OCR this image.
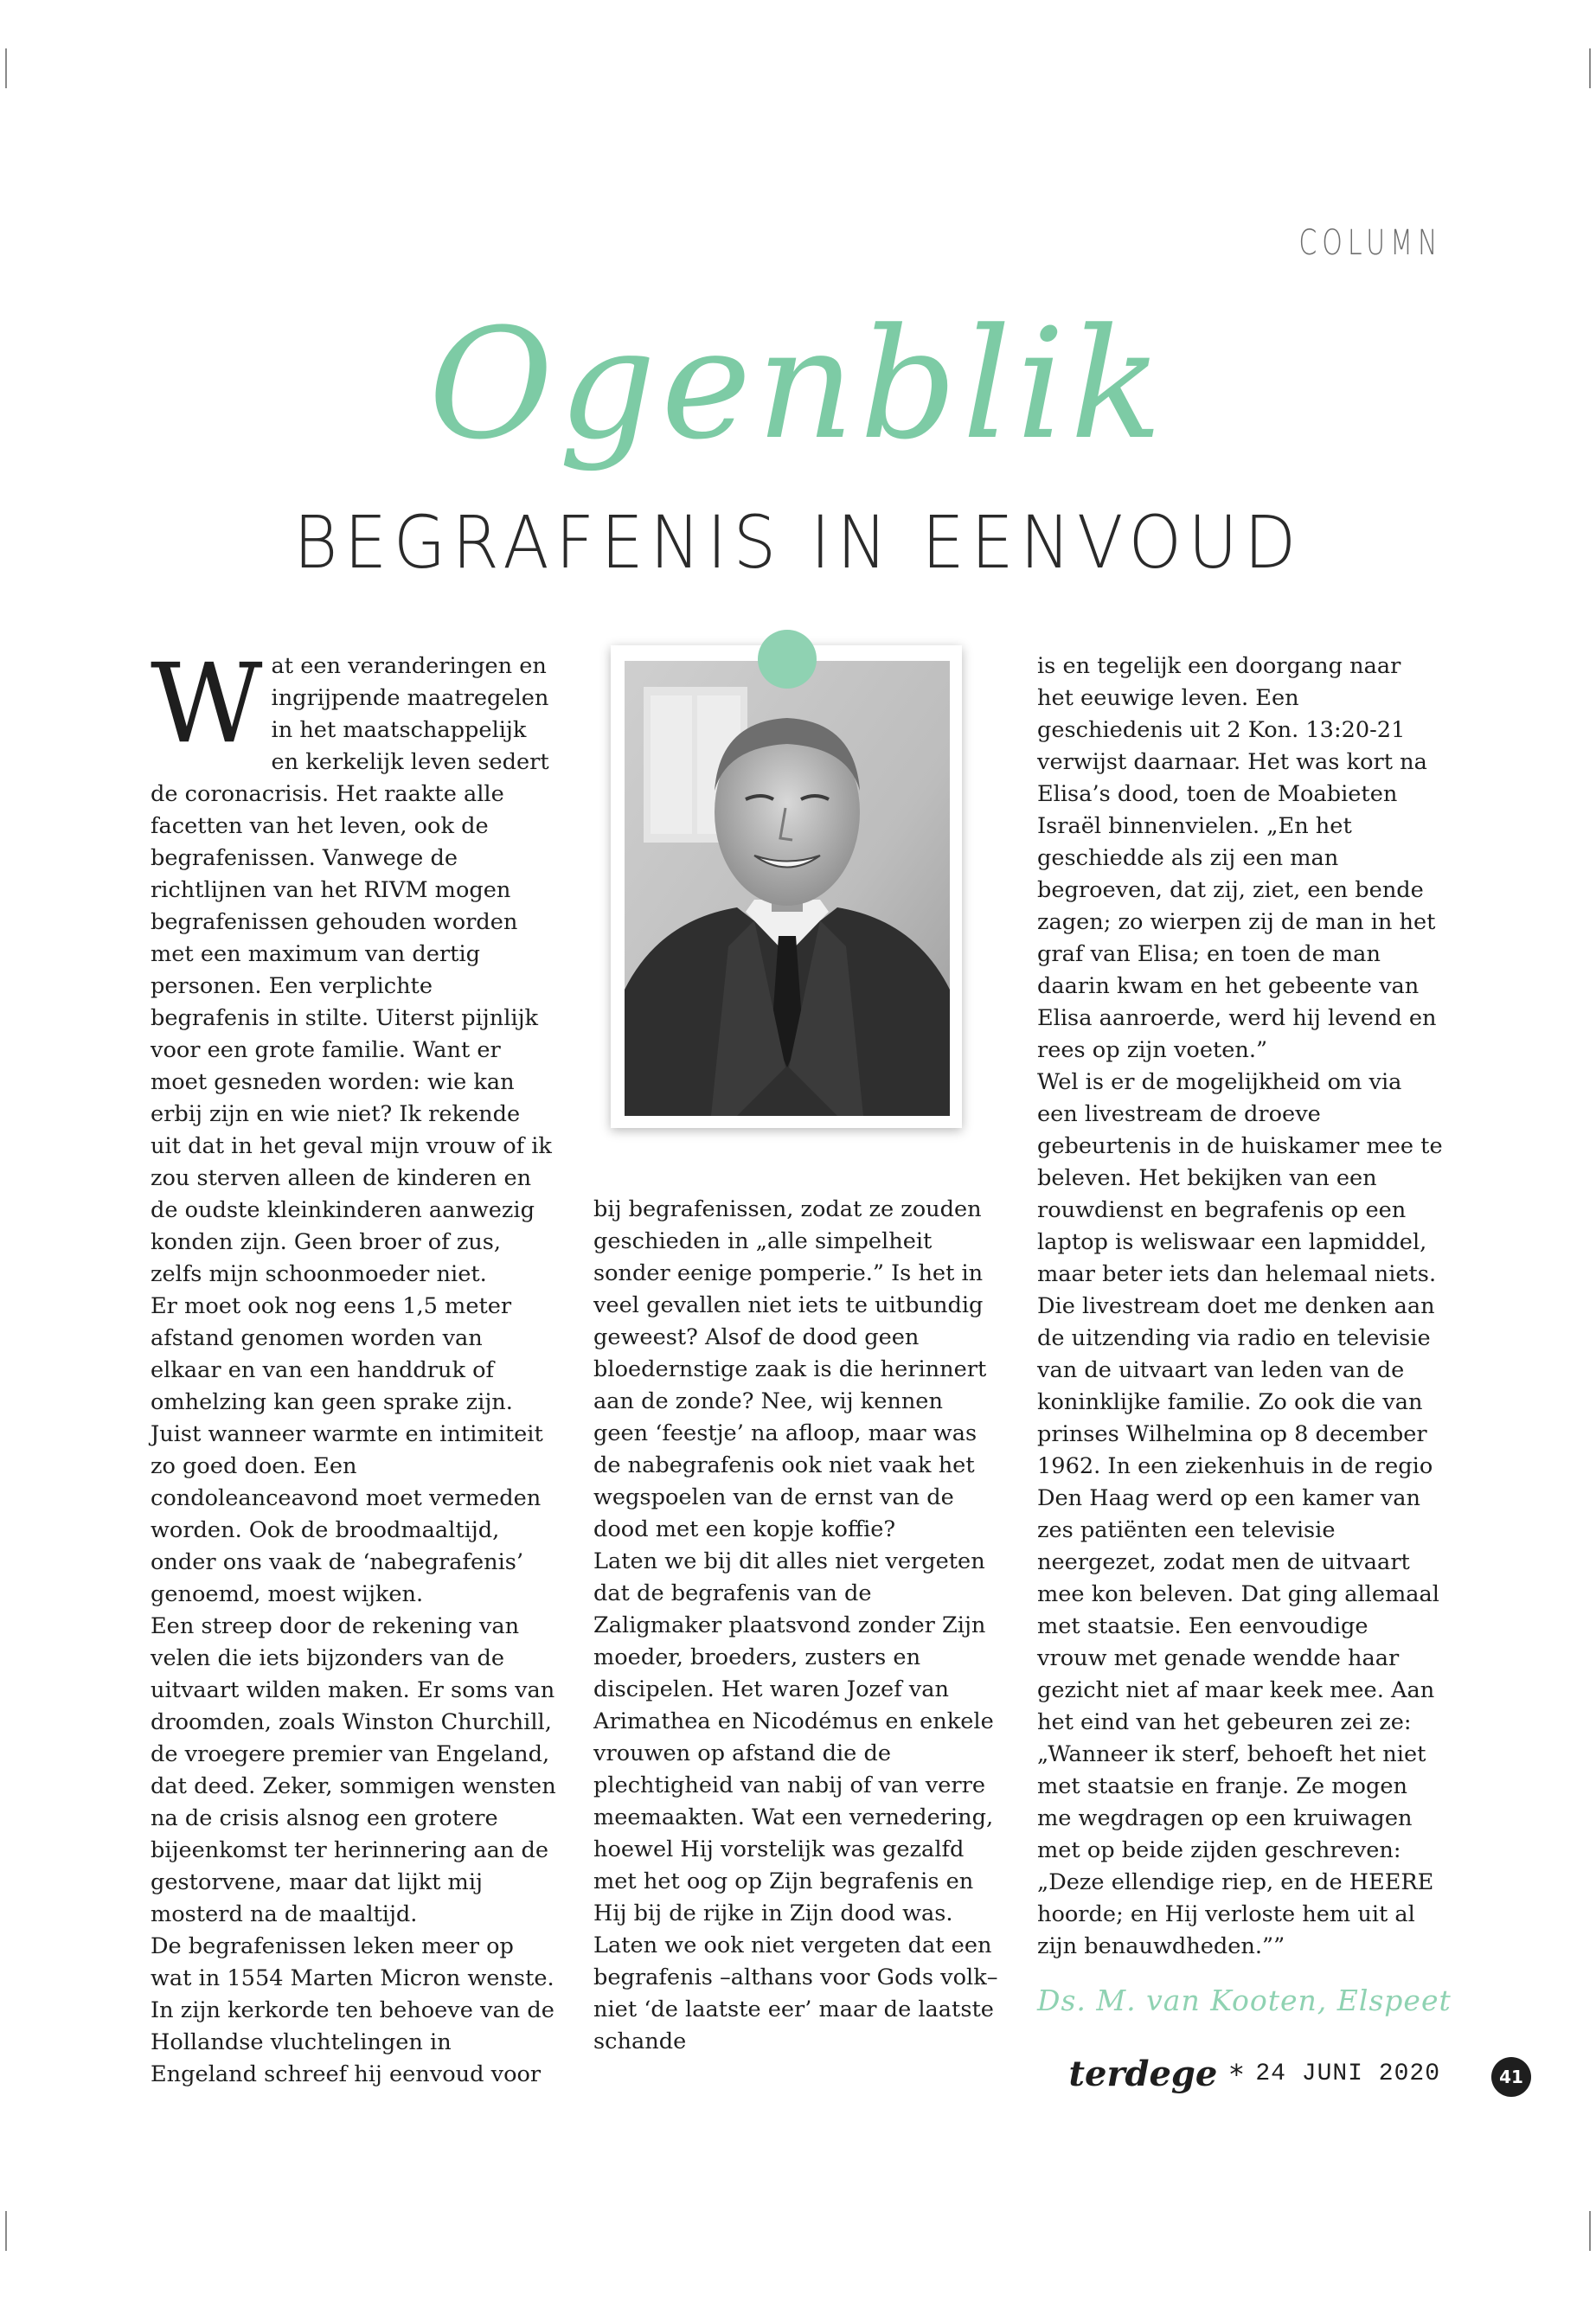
COLUMN
Ogenblik
BEGRAFENIS IN EENVOUD

Wat een veranderingen en ingrijpende maatregelen in het maatschappelijk en kerkelijk leven sedert de coronacrisis. Het raakte alle facetten van het leven, ook de begrafenissen. Vanwege de richtlijnen van het RIVM mogen begrafenissen gehouden worden met een maximum van dertig personen. Een verplichte begrafenis in stilte. Uiterst pijnlijk voor een grote familie. Want er moet gesneden worden: wie kan erbij zijn en wie niet? Ik rekende uit dat in het geval mijn vrouw of ik zou sterven alleen de kinderen en de oudste kleinkinderen aanwezig konden zijn. Geen broer of zus, zelfs mijn schoonmoeder niet.

Er moet ook nog eens 1,5 meter afstand genomen worden van elkaar en van een handdruk of omhelzing kan geen sprake zijn. Juist wanneer warmte en intimiteit zo goed doen. Een condoleanceavond moet vermeden worden. Ook de broodmaaltijd, onder ons vaak de ‘nabegrafenis’ genoemd, moest wijken.

Een streep door de rekening van velen die iets bijzonders van de uitvaart wilden maken. Er soms van droomden, zoals Winston Churchill, de vroegere premier van Engeland, dat deed. Zeker, sommigen wensten na de crisis alsnog een grotere bijeenkomst ter herinnering aan de gestorvene, maar dat lijkt mij mosterd na de maaltijd.

De begrafenissen leken meer op wat in 1554 Marten Micron wenste. In zijn kerkorde ten behoeve van de Hollandse vluchtelingen in Engeland schreef hij eenvoud voor

bij begrafenissen, zodat ze zouden geschieden in „alle simpelheit sonder eenige pomperie.” Is het in veel gevallen niet iets te uitbundig geweest? Alsof de dood geen bloedernstige zaak is die herinnert aan de zonde? Nee, wij kennen geen ‘feestje’ na afloop, maar was de nabegrafenis ook niet vaak het wegspoelen van de ernst van de dood met een kopje koffie?

Laten we bij dit alles niet vergeten dat de begrafenis van de Zaligmaker plaatsvond zonder Zijn moeder, broeders, zusters en discipelen. Het waren Jozef van Arimathea en Nicodémus en enkele vrouwen op afstand die de plechtigheid van nabij of van verre meemaakten. Wat een vernedering, hoewel Hij vorstelijk was gezalfd met het oog op Zijn begrafenis en Hij bij de rijke in Zijn dood was. Laten we ook niet vergeten dat een begrafenis –althans voor Gods volk– niet ‘de laatste eer’ maar de laatste schande

is en tegelijk een doorgang naar het eeuwige leven. Een geschiedenis uit 2 Kon. 13:20-21 verwijst daarnaar. Het was kort na Elisa’s dood, toen de Moabieten Israël binnenvielen. „En het geschiedde als zij een man begroeven, dat zij, ziet, een bende zagen; zo wierpen zij de man in het graf van Elisa; en toen de man daarin kwam en het gebeente van Elisa aanroerde, werd hij levend en rees op zijn voeten.”

Wel is er de mogelijkheid om via een livestream de droeve gebeurtenis in de huiskamer mee te beleven. Het bekijken van een rouwdienst en begrafenis op een laptop is weliswaar een lapmiddel, maar beter iets dan helemaal niets. Die livestream doet me denken aan de uitzending via radio en televisie van de uitvaart van leden van de koninklijke familie. Zo ook die van prinses Wilhelmina op 8 december 1962. In een ziekenhuis in de regio Den Haag werd op een kamer van zes patiënten een televisie neergezet, zodat men de uitvaart mee kon beleven. Dat ging allemaal met staatsie. Een eenvoudige vrouw met genade wendde haar gezicht niet af maar keek mee. Aan het eind van het gebeuren zei ze: „Wanneer ik sterf, behoeft het niet met staatsie en franje. Ze mogen me wegdragen op een kruiwagen met op beide zijden geschreven: „Deze ellendige riep, en de HEERE hoorde; en Hij verloste hem uit al zijn benauwdheden.””

Ds. M. van Kooten, Elspeet
terdege * 24 JUNI 2020	41
